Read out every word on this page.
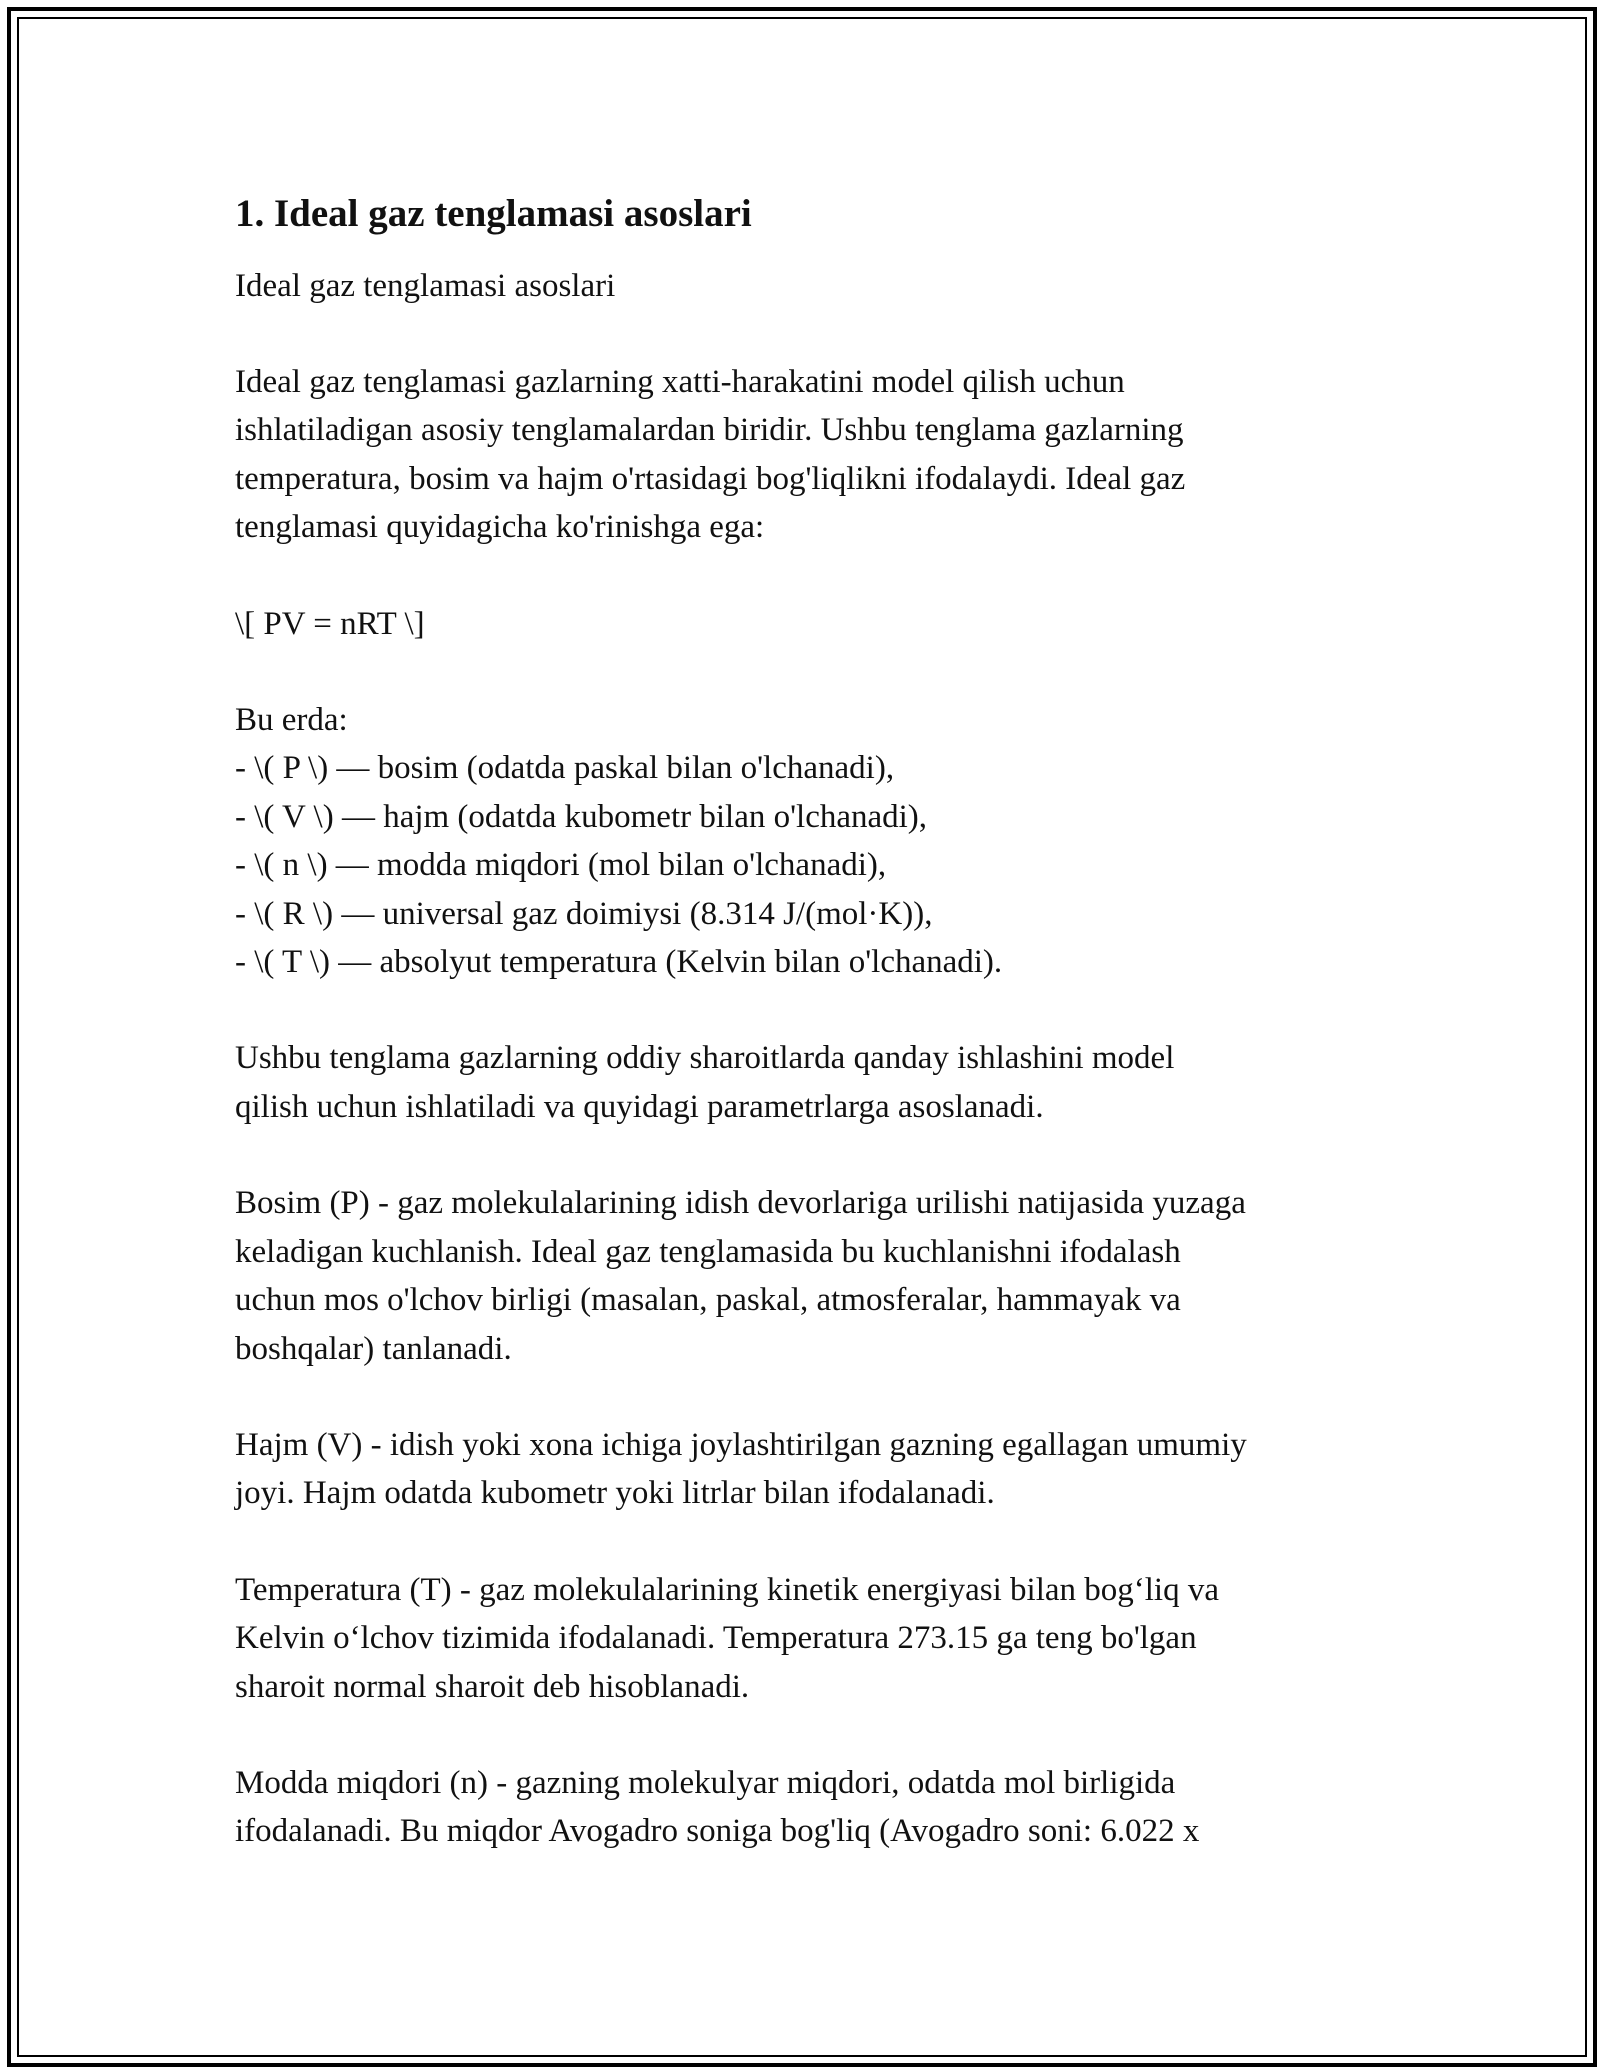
1. Ideal gaz tenglamasi asoslari
Ideal gaz tenglamasi asoslari
Ideal gaz tenglamasi gazlarning xatti-harakatini model qilish uchun
ishlatiladigan asosiy tenglamalardan biridir. Ushbu tenglama gazlarning
temperatura, bosim va hajm o'rtasidagi bog'liqlikni ifodalaydi. Ideal gaz
tenglamasi quyidagicha ko'rinishga ega:
\[ PV = nRT \]
Bu erda:
- \( P \) — bosim (odatda paskal bilan o'lchanadi),
- \( V \) — hajm (odatda kubometr bilan o'lchanadi),
- \( n \) — modda miqdori (mol bilan o'lchanadi),
- \( R \) — universal gaz doimiysi (8.314 J/(mol·K)),
- \( T \) — absolyut temperatura (Kelvin bilan o'lchanadi).
Ushbu tenglama gazlarning oddiy sharoitlarda qanday ishlashini model
qilish uchun ishlatiladi va quyidagi parametrlarga asoslanadi.
Bosim (P) - gaz molekulalarining idish devorlariga urilishi natijasida yuzaga
keladigan kuchlanish. Ideal gaz tenglamasida bu kuchlanishni ifodalash
uchun mos o'lchov birligi (masalan, paskal, atmosferalar, hammayak va
boshqalar) tanlanadi.
Hajm (V) - idish yoki xona ichiga joylashtirilgan gazning egallagan umumiy
joyi. Hajm odatda kubometr yoki litrlar bilan ifodalanadi.
Temperatura (T) - gaz molekulalarining kinetik energiyasi bilan bog‘liq va
Kelvin o‘lchov tizimida ifodalanadi. Temperatura 273.15 ga teng bo'lgan
sharoit normal sharoit deb hisoblanadi.
Modda miqdori (n) - gazning molekulyar miqdori, odatda mol birligida
ifodalanadi. Bu miqdor Avogadro soniga bog'liq (Avogadro soni: 6.022 x
